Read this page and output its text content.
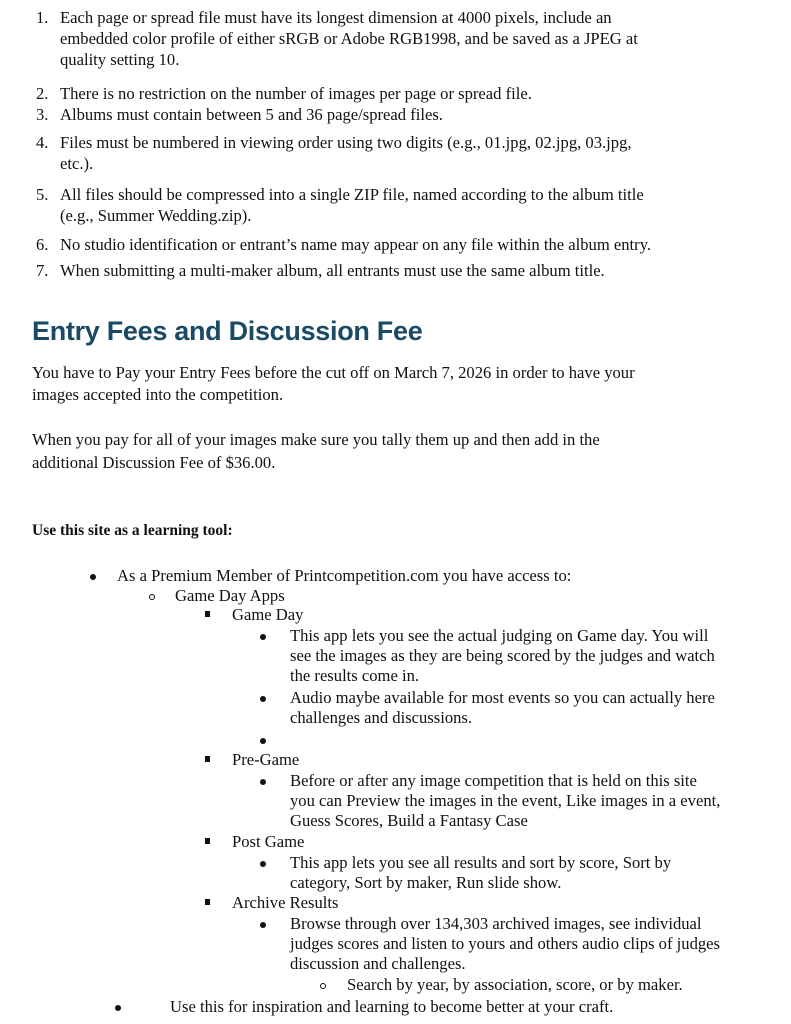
1. Each page or spread file must have its longest dimension at 4000 pixels, include an
embedded color profile of either sRGB or Adobe RGB1998, and be saved as a JPEG at
quality setting 10.
2. There is no restriction on the number of images per page or spread file.
3. Albums must contain between 5 and 36 page/spread files.
4. Files must be numbered in viewing order using two digits (e.g., 01.jpg, 02.jpg, 03.jpg,
etc.).
5. All files should be compressed into a single ZIP file, named according to the album title
(e.g., Summer Wedding.zip).
6. No studio identification or entrant’s name may appear on any file within the album entry.
7. When submitting a multi-maker album, all entrants must use the same album title.
Entry Fees and Discussion Fee
You have to Pay your Entry Fees before the cut off on March 7, 2026 in order to have your
images accepted into the competition.
When you pay for all of your images make sure you tally them up and then add in the
additional Discussion Fee of $36.00.
Use this site as a learning tool:
As a Premium Member of Printcompetition.com you have access to:
Game Day Apps
Game Day
This app lets you see the actual judging on Game day. You will
see the images as they are being scored by the judges and watch
the results come in.
Audio maybe available for most events so you can actually here
challenges and discussions.
Pre-Game
Before or after any image competition that is held on this site
you can Preview the images in the event, Like images in a event,
Guess Scores, Build a Fantasy Case
Post Game
This app lets you see all results and sort by score, Sort by
category, Sort by maker, Run slide show.
Archive Results
Browse through over 134,303 archived images, see individual
judges scores and listen to yours and others audio clips of judges
discussion and challenges.
Search by year, by association, score, or by maker.
Use this for inspiration and learning to become better at your craft.
